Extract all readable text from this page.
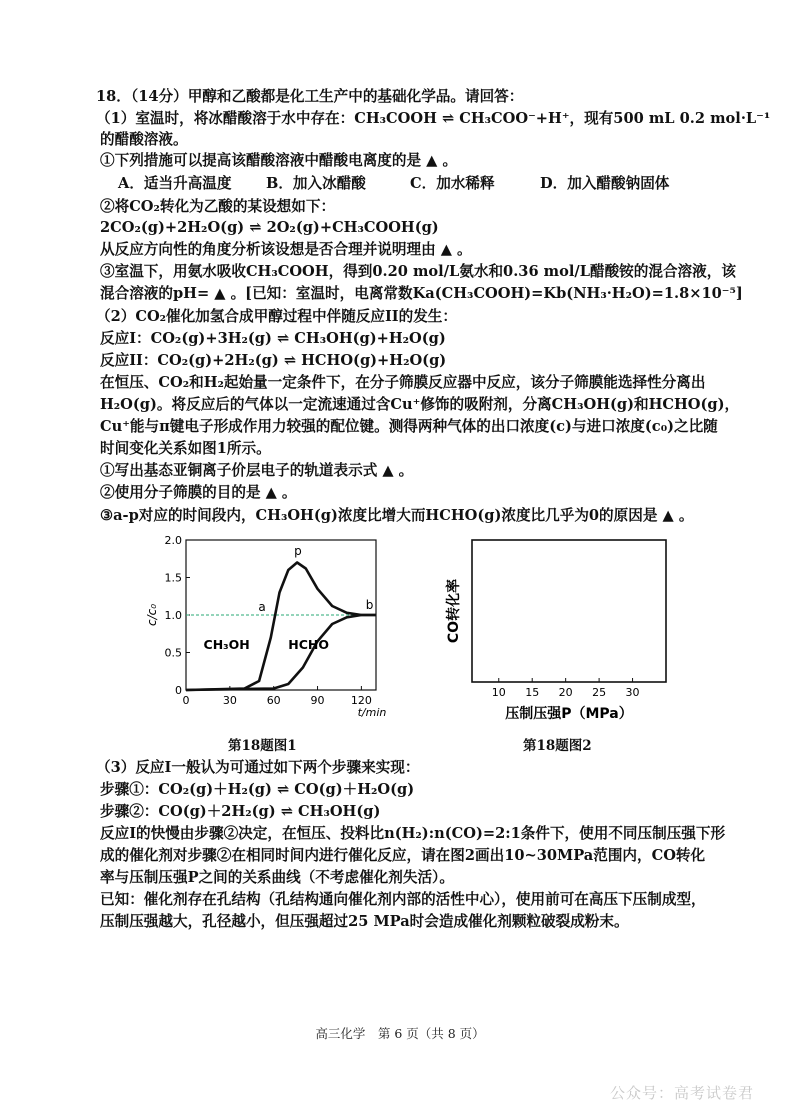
18．（14分）甲醇和乙酸都是化工生产中的基础化学品。请回答：
（1）室温时，将冰醋酸溶于水中存在：CH₃COOH ⇌ CH₃COO⁻+H⁺，现有500 mL 0.2 mol·L⁻¹
的醋酸溶液。
①下列措施可以提高该醋酸溶液中醋酸电离度的是 ▲ 。
②将CO₂转化为乙酸的某设想如下：
2CO₂(g)+2H₂O(g) ⇌ 2O₂(g)+CH₃COOH(g)
从反应方向性的角度分析该设想是否合理并说明理由 ▲ 。
③室温下，用氨水吸收CH₃COOH，得到0.20 mol/L氨水和0.36 mol/L醋酸铵的混合溶液，该
混合溶液的pH= ▲ 。[已知：室温时，电离常数Ka(CH₃COOH)=Kb(NH₃·H₂O)=1.8×10⁻⁵]
（2）CO₂催化加氢合成甲醇过程中伴随反应II的发生：
反应I：CO₂(g)+3H₂(g) ⇌ CH₃OH(g)+H₂O(g)
反应II：CO₂(g)+2H₂(g) ⇌ HCHO(g)+H₂O(g)
在恒压、CO₂和H₂起始量一定条件下，在分子筛膜反应器中反应，该分子筛膜能选择性分离出
H₂O(g)。将反应后的气体以一定流速通过含Cu⁺修饰的吸附剂，分离CH₃OH(g)和HCHO(g)，
Cu⁺能与π键电子形成作用力较强的配位键。测得两种气体的出口浓度(c)与进口浓度(c₀)之比随
时间变化关系如图1所示。
①写出基态亚铜离子价层电子的轨道表示式 ▲ 。
②使用分子筛膜的目的是 ▲ 。
③a-p对应的时间段内，CH₃OH(g)浓度比增大而HCHO(g)浓度比几乎为0的原因是 ▲ 。
（3）反应I一般认为可通过如下两个步骤来实现：
步骤①：CO₂(g)＋H₂(g) ⇌ CO(g)＋H₂O(g)
步骤②：CO(g)＋2H₂(g) ⇌ CH₃OH(g)
反应I的快慢由步骤②决定，在恒压、投料比n(H₂):n(CO)=2:1条件下，使用不同压制压强下形
成的催化剂对步骤②在相同时间内进行催化反应，请在图2画出10~30MPa范围内，CO转化
率与压制压强P之间的关系曲线（不考虑催化剂失活）。
已知：催化剂存在孔结构（孔结构通向催化剂内部的活性中心），使用前可在高压下压制成型，
压制压强越大，孔径越小，但压强超过25 MPa时会造成催化剂颗粒破裂成粉末。
A．适当升高温度 B．加入冰醋酸	C．加水稀释	D．加入醋酸钠固体
0
0.5
1.0
1.5
2.0
0	30	60	90 120
t/min
c/c₀
p
a	b
CH₃OH	HCHO
第18题图1
10 15 20 25 30
压制压强P（MPa）
CO转化率
第18题图2
高三化学　第 6 页（共 8 页）
公众号：高考试卷君
